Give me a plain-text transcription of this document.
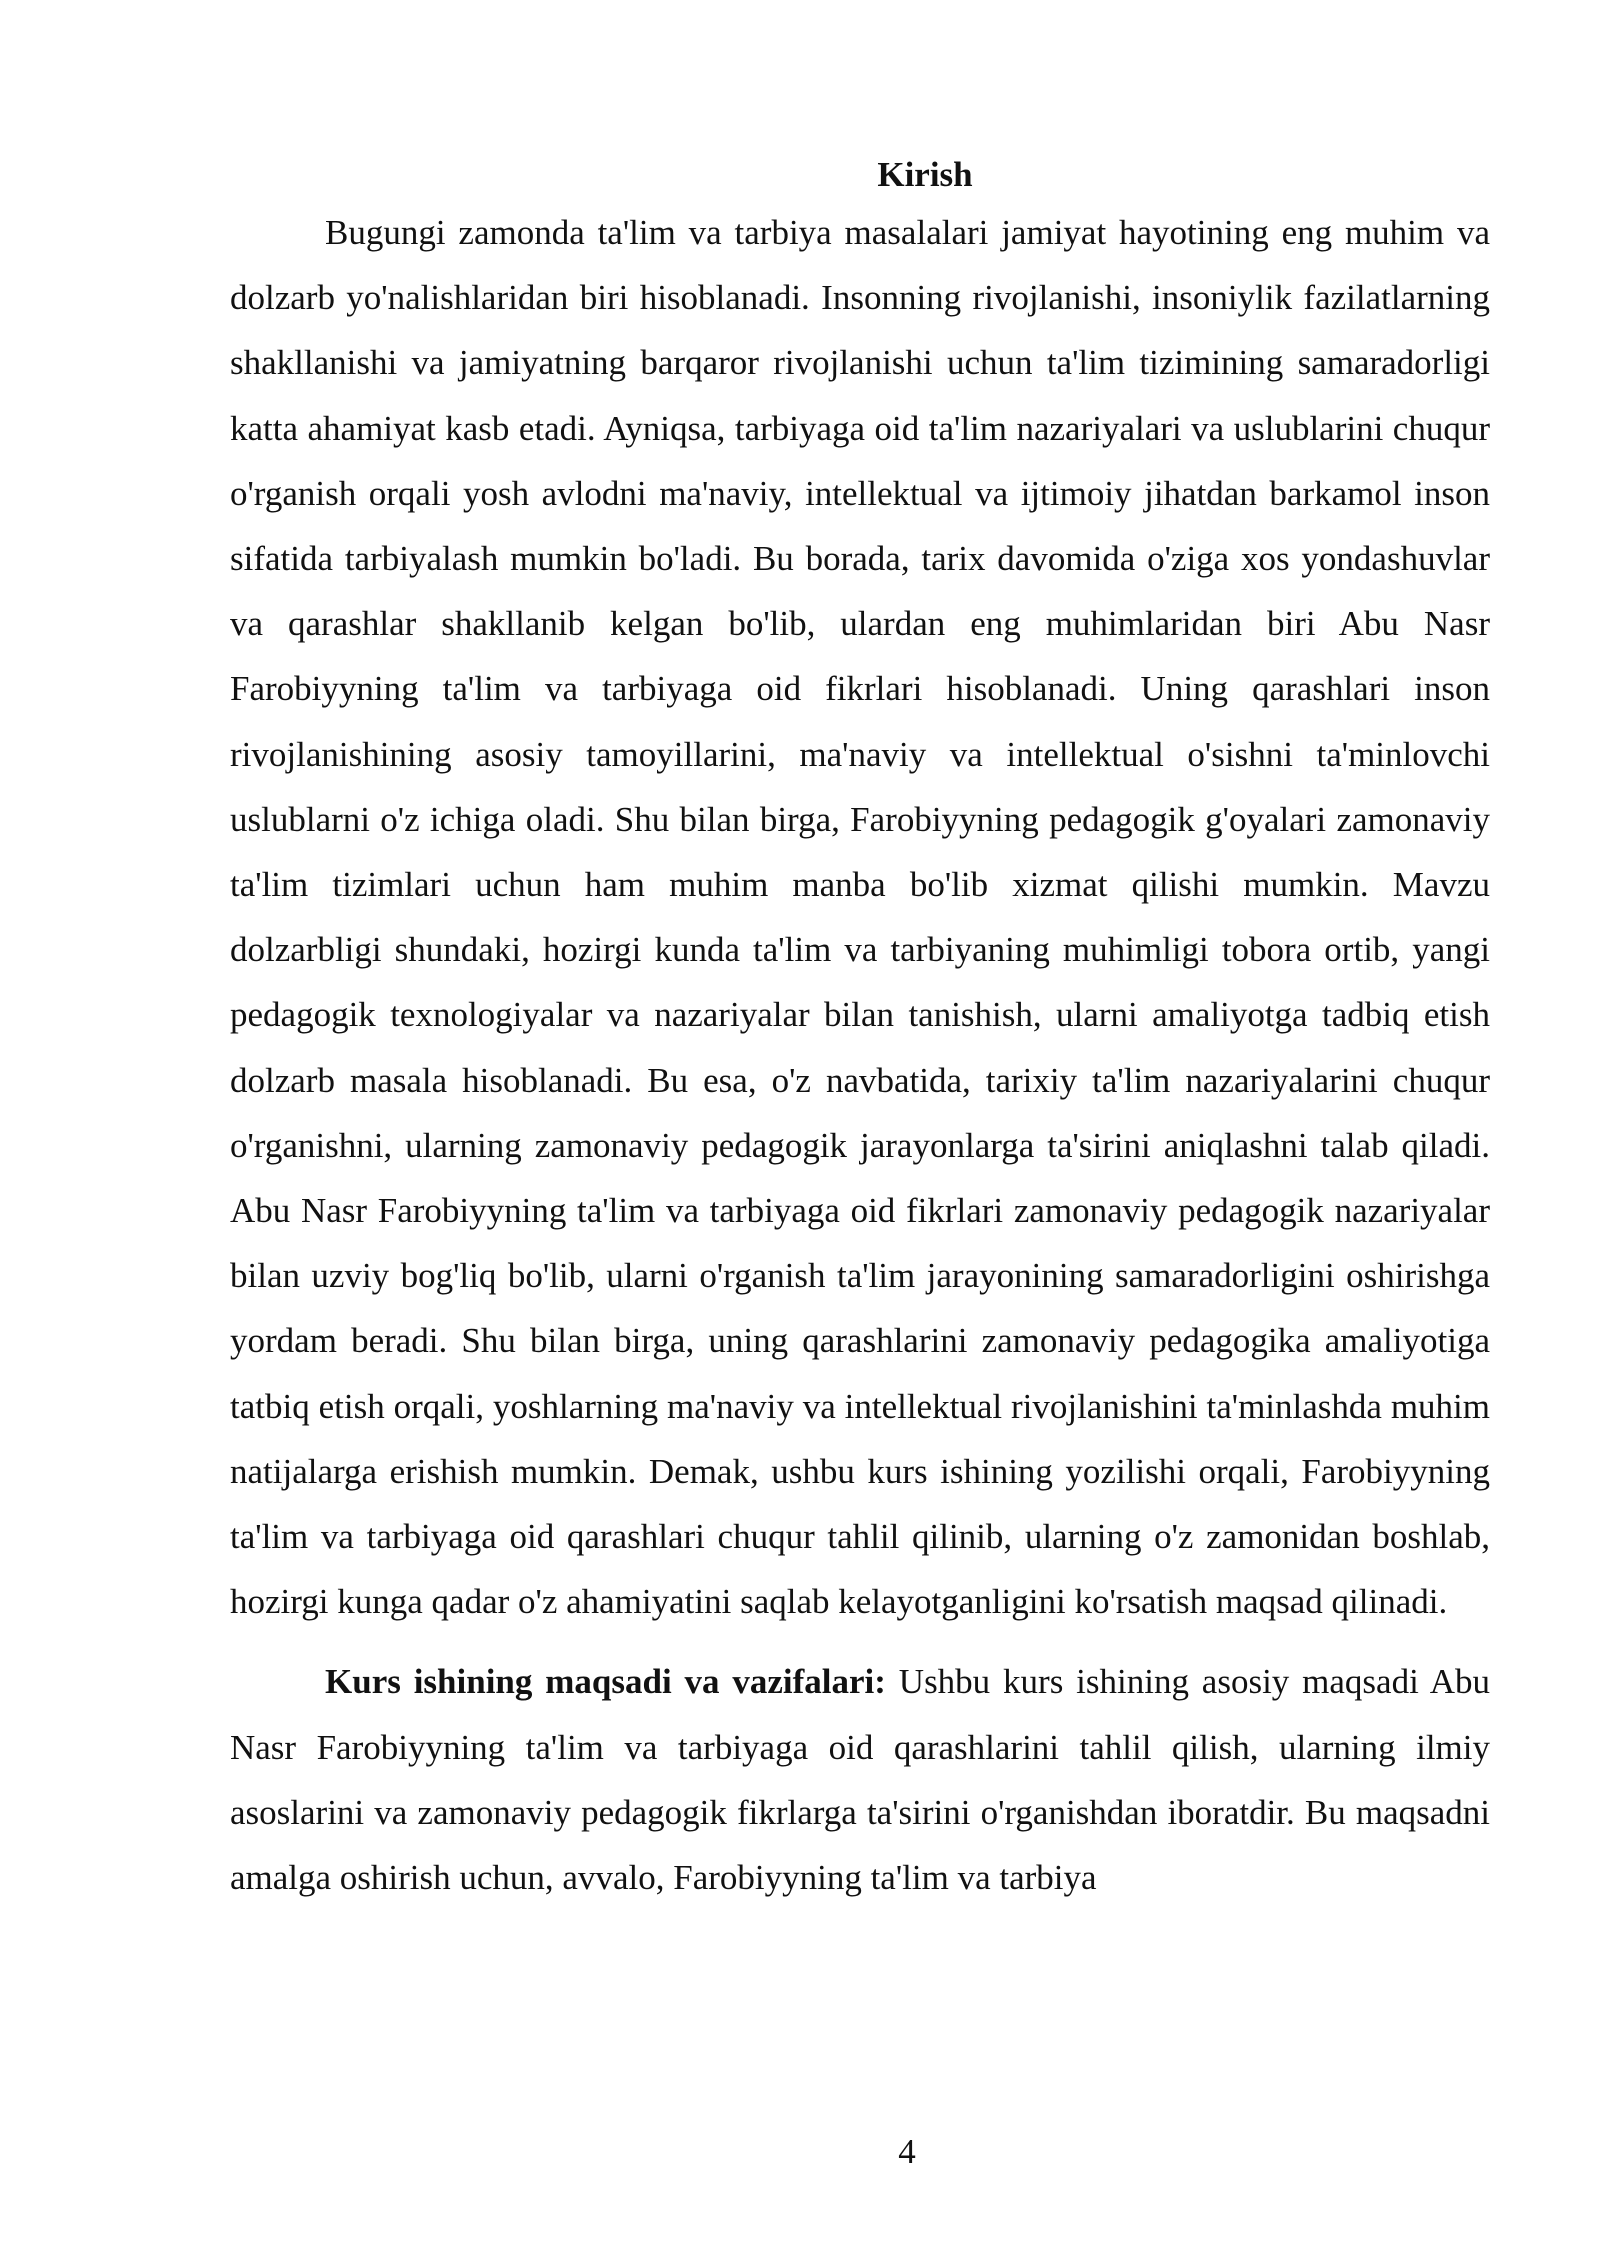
Kirish

Bugungi zamonda ta'lim va tarbiya masalalari jamiyat hayotining eng muhim va dolzarb yo'nalishlaridan biri hisoblanadi. Insonning rivojlanishi, insoniylik fazilatlarning shakllanishi va jamiyatning barqaror rivojlanishi uchun ta'lim tizimining samaradorligi katta ahamiyat kasb etadi. Ayniqsa, tarbiyaga oid ta'lim nazariyalari va uslublarini chuqur o'rganish orqali yosh avlodni ma'naviy, intellektual va ijtimoiy jihatdan barkamol inson sifatida tarbiyalash mumkin bo'ladi. Bu borada, tarix davomida o'ziga xos yondashuvlar va qarashlar shakllanib kelgan bo'lib, ulardan eng muhimlaridan biri Abu Nasr Farobiyyning ta'lim va tarbiyaga oid fikrlari hisoblanadi. Uning qarashlari inson rivojlanishining asosiy tamoyillarini, ma'naviy va intellektual o'sishni ta'minlovchi uslublarni o'z ichiga oladi. Shu bilan birga, Farobiyyning pedagogik g'oyalari zamonaviy ta'lim tizimlari uchun ham muhim manba bo'lib xizmat qilishi mumkin. Mavzu dolzarbligi shundaki, hozirgi kunda ta'lim va tarbiyaning muhimligi tobora ortib, yangi pedagogik texnologiyalar va nazariyalar bilan tanishish, ularni amaliyotga tadbiq etish dolzarb masala hisoblanadi. Bu esa, o'z navbatida, tarixiy ta'lim nazariyalarini chuqur o'rganishni, ularning zamonaviy pedagogik jarayonlarga ta'sirini aniqlashni talab qiladi. Abu Nasr Farobiyyning ta'lim va tarbiyaga oid fikrlari zamonaviy pedagogik nazariyalar bilan uzviy bog'liq bo'lib, ularni o'rganish ta'lim jarayonining samaradorligini oshirishga yordam beradi. Shu bilan birga, uning qarashlarini zamonaviy pedagogika amaliyotiga tatbiq etish orqali, yoshlarning ma'naviy va intellektual rivojlanishini ta'minlashda muhim natijalarga erishish mumkin. Demak, ushbu kurs ishining yozilishi orqali, Farobiyyning ta'lim va tarbiyaga oid qarashlari chuqur tahlil qilinib, ularning o'z zamonidan boshlab, hozirgi kunga qadar o'z ahamiyatini saqlab kelayotganligini ko'rsatish maqsad qilinadi.

Kurs ishining maqsadi va vazifalari: Ushbu kurs ishining asosiy maqsadi Abu Nasr Farobiyyning ta'lim va tarbiyaga oid qarashlarini tahlil qilish, ularning ilmiy asoslarini va zamonaviy pedagogik fikrlarga ta'sirini o'rganishdan iboratdir. Bu maqsadni amalga oshirish uchun, avvalo, Farobiyyning ta'lim va tarbiya

4
